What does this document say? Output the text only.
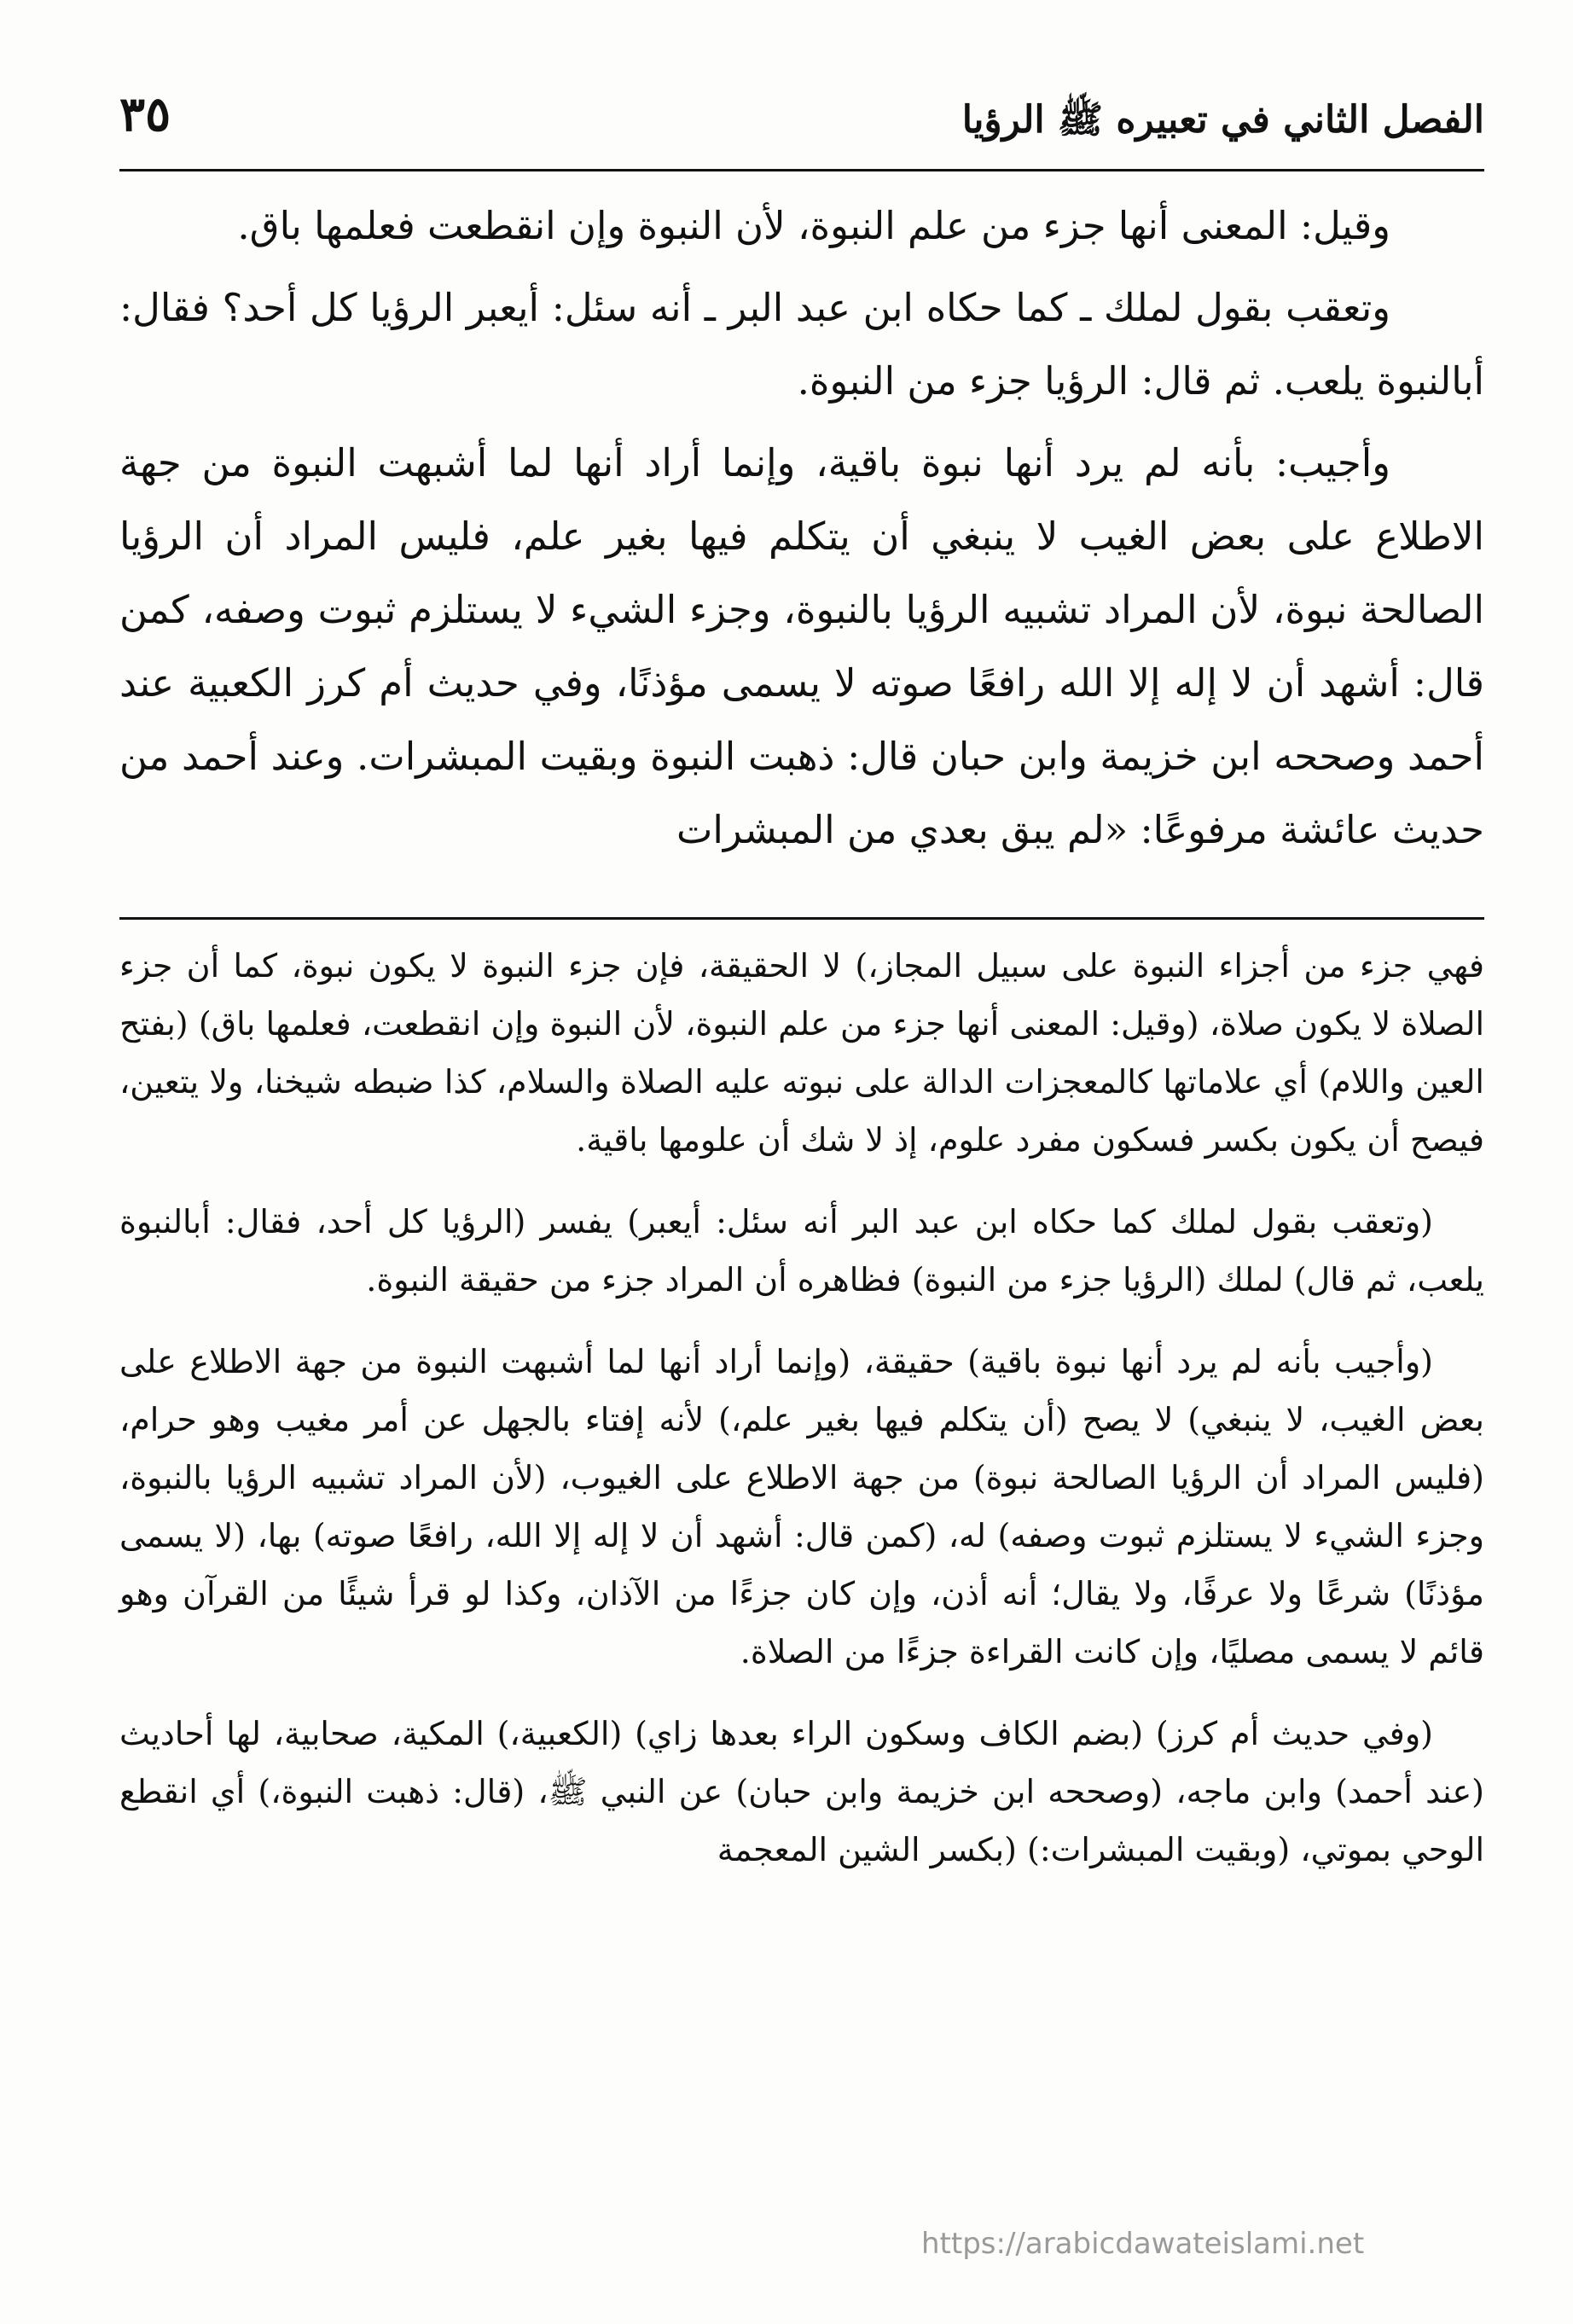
الفصل الثاني في تعبيره ﷺ الرؤيا
٣٥

وقيل: المعنى أنها جزء من علم النبوة، لأن النبوة وإن انقطعت فعلمها باق.

وتعقب بقول لملك ـ كما حكاه ابن عبد البر ـ أنه سئل: أيعبر الرؤيا كل أحد؟ فقال: أبالنبوة يلعب. ثم قال: الرؤيا جزء من النبوة.

وأجيب: بأنه لم يرد أنها نبوة باقية، وإنما أراد أنها لما أشبهت النبوة من جهة الاطلاع على بعض الغيب لا ينبغي أن يتكلم فيها بغير علم، فليس المراد أن الرؤيا الصالحة نبوة، لأن المراد تشبيه الرؤيا بالنبوة، وجزء الشيء لا يستلزم ثبوت وصفه، كمن قال: أشهد أن لا إله إلا الله رافعًا صوته لا يسمى مؤذنًا، وفي حديث أم كرز الكعبية عند أحمد وصححه ابن خزيمة وابن حبان قال: ذهبت النبوة وبقيت المبشرات. وعند أحمد من حديث عائشة مرفوعًا: «لم يبق بعدي من المبشرات

فهي جزء من أجزاء النبوة على سبيل المجاز،) لا الحقيقة، فإن جزء النبوة لا يكون نبوة، كما أن جزء الصلاة لا يكون صلاة، (وقيل: المعنى أنها جزء من علم النبوة، لأن النبوة وإن انقطعت، فعلمها باق) (بفتح العين واللام) أي علاماتها كالمعجزات الدالة على نبوته عليه الصلاة والسلام، كذا ضبطه شيخنا، ولا يتعين، فيصح أن يكون بكسر فسكون مفرد علوم، إذ لا شك أن علومها باقية.

(وتعقب بقول لملك كما حكاه ابن عبد البر أنه سئل: أيعبر) يفسر (الرؤيا كل أحد، فقال: أبالنبوة يلعب، ثم قال) لملك (الرؤيا جزء من النبوة) فظاهره أن المراد جزء من حقيقة النبوة.

(وأجيب بأنه لم يرد أنها نبوة باقية) حقيقة، (وإنما أراد أنها لما أشبهت النبوة من جهة الاطلاع على بعض الغيب، لا ينبغي) لا يصح (أن يتكلم فيها بغير علم،) لأنه إفتاء بالجهل عن أمر مغيب وهو حرام، (فليس المراد أن الرؤيا الصالحة نبوة) من جهة الاطلاع على الغيوب، (لأن المراد تشبيه الرؤيا بالنبوة، وجزء الشيء لا يستلزم ثبوت وصفه) له، (كمن قال: أشهد أن لا إله إلا الله، رافعًا صوته) بها، (لا يسمى مؤذنًا) شرعًا ولا عرفًا، ولا يقال؛ أنه أذن، وإن كان جزءًا من الآذان، وكذا لو قرأ شيئًا من القرآن وهو قائم لا يسمى مصليًا، وإن كانت القراءة جزءًا من الصلاة.

(وفي حديث أم كرز) (بضم الكاف وسكون الراء بعدها زاي) (الكعبية،) المكية، صحابية، لها أحاديث (عند أحمد) وابن ماجه، (وصححه ابن خزيمة وابن حبان) عن النبي ﷺ، (قال: ذهبت النبوة،) أي انقطع الوحي بموتي، (وبقيت المبشرات:) (بكسر الشين المعجمة

https://arabicdawateislami.net
